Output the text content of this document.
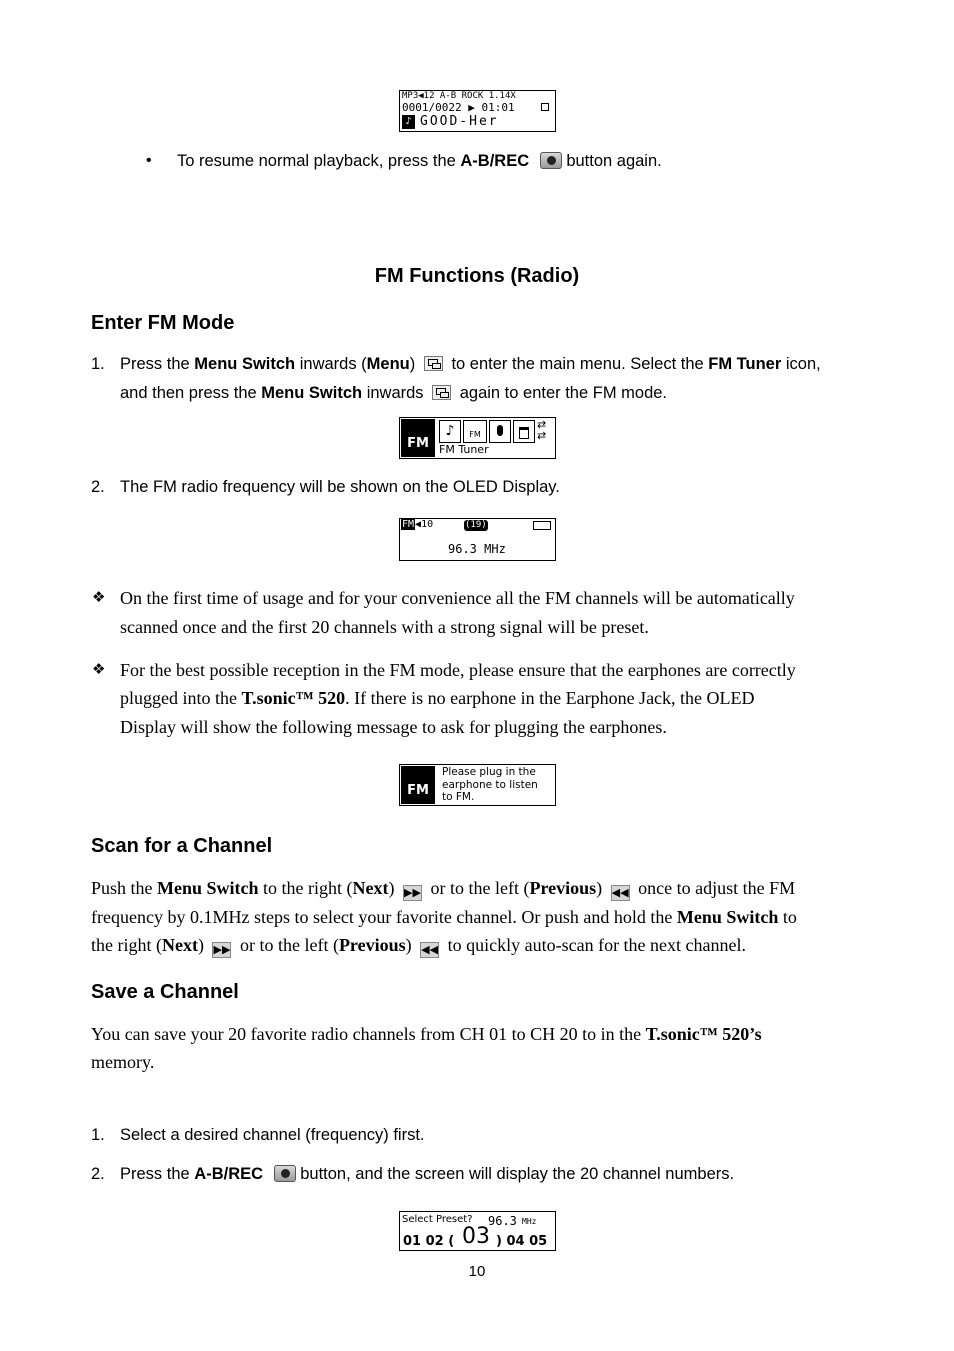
MP3◀12 A-B ROCK 1.14X
0001/0022 ▶ 01:01
♪ GOOD-Her
• To resume normal playback, press the A-B/REC  button again.
FM Functions (Radio)
Enter FM Mode
1. Press the Menu Switch inwards (Menu)  to enter the main menu. Select the FM Tuner icon,
and then press the Menu Switch inwards  again to enter the FM mode.
FM
♪	FM
⇄
⇄
FM Tuner
2. The FM radio frequency will be shown on the OLED Display.
FM◀10	(19)
96.3 MHz
❖ On the first time of usage and for your convenience all the FM channels will be automatically
scanned once and the first 20 channels with a strong signal will be preset.
❖ For the best possible reception in the FM mode, please ensure that the earphones are correctly
plugged into the T.sonic™ 520. If there is no earphone in the Earphone Jack, the OLED
Display will show the following message to ask for plugging the earphones.
FM
Please plug in the
earphone to listen
to FM.
Scan for a Channel
Push the Menu Switch to the right (Next) ▶▶ or to the left (Previous) ◀◀ once to adjust the FM
frequency by 0.1MHz steps to select your favorite channel. Or push and hold the Menu Switch to
the right (Next) ▶▶ or to the left (Previous) ◀◀ to quickly auto-scan for the next channel.
Save a Channel
You can save your 20 favorite radio channels from CH 01 to CH 20 to in the T.sonic™ 520’s
memory.
1. Select a desired channel (frequency) first.
2. Press the A-B/REC  button, and the screen will display the 20 channel numbers.
Select Preset? 96.3 MHz
01 02 ( 03 ) 04 05
10
